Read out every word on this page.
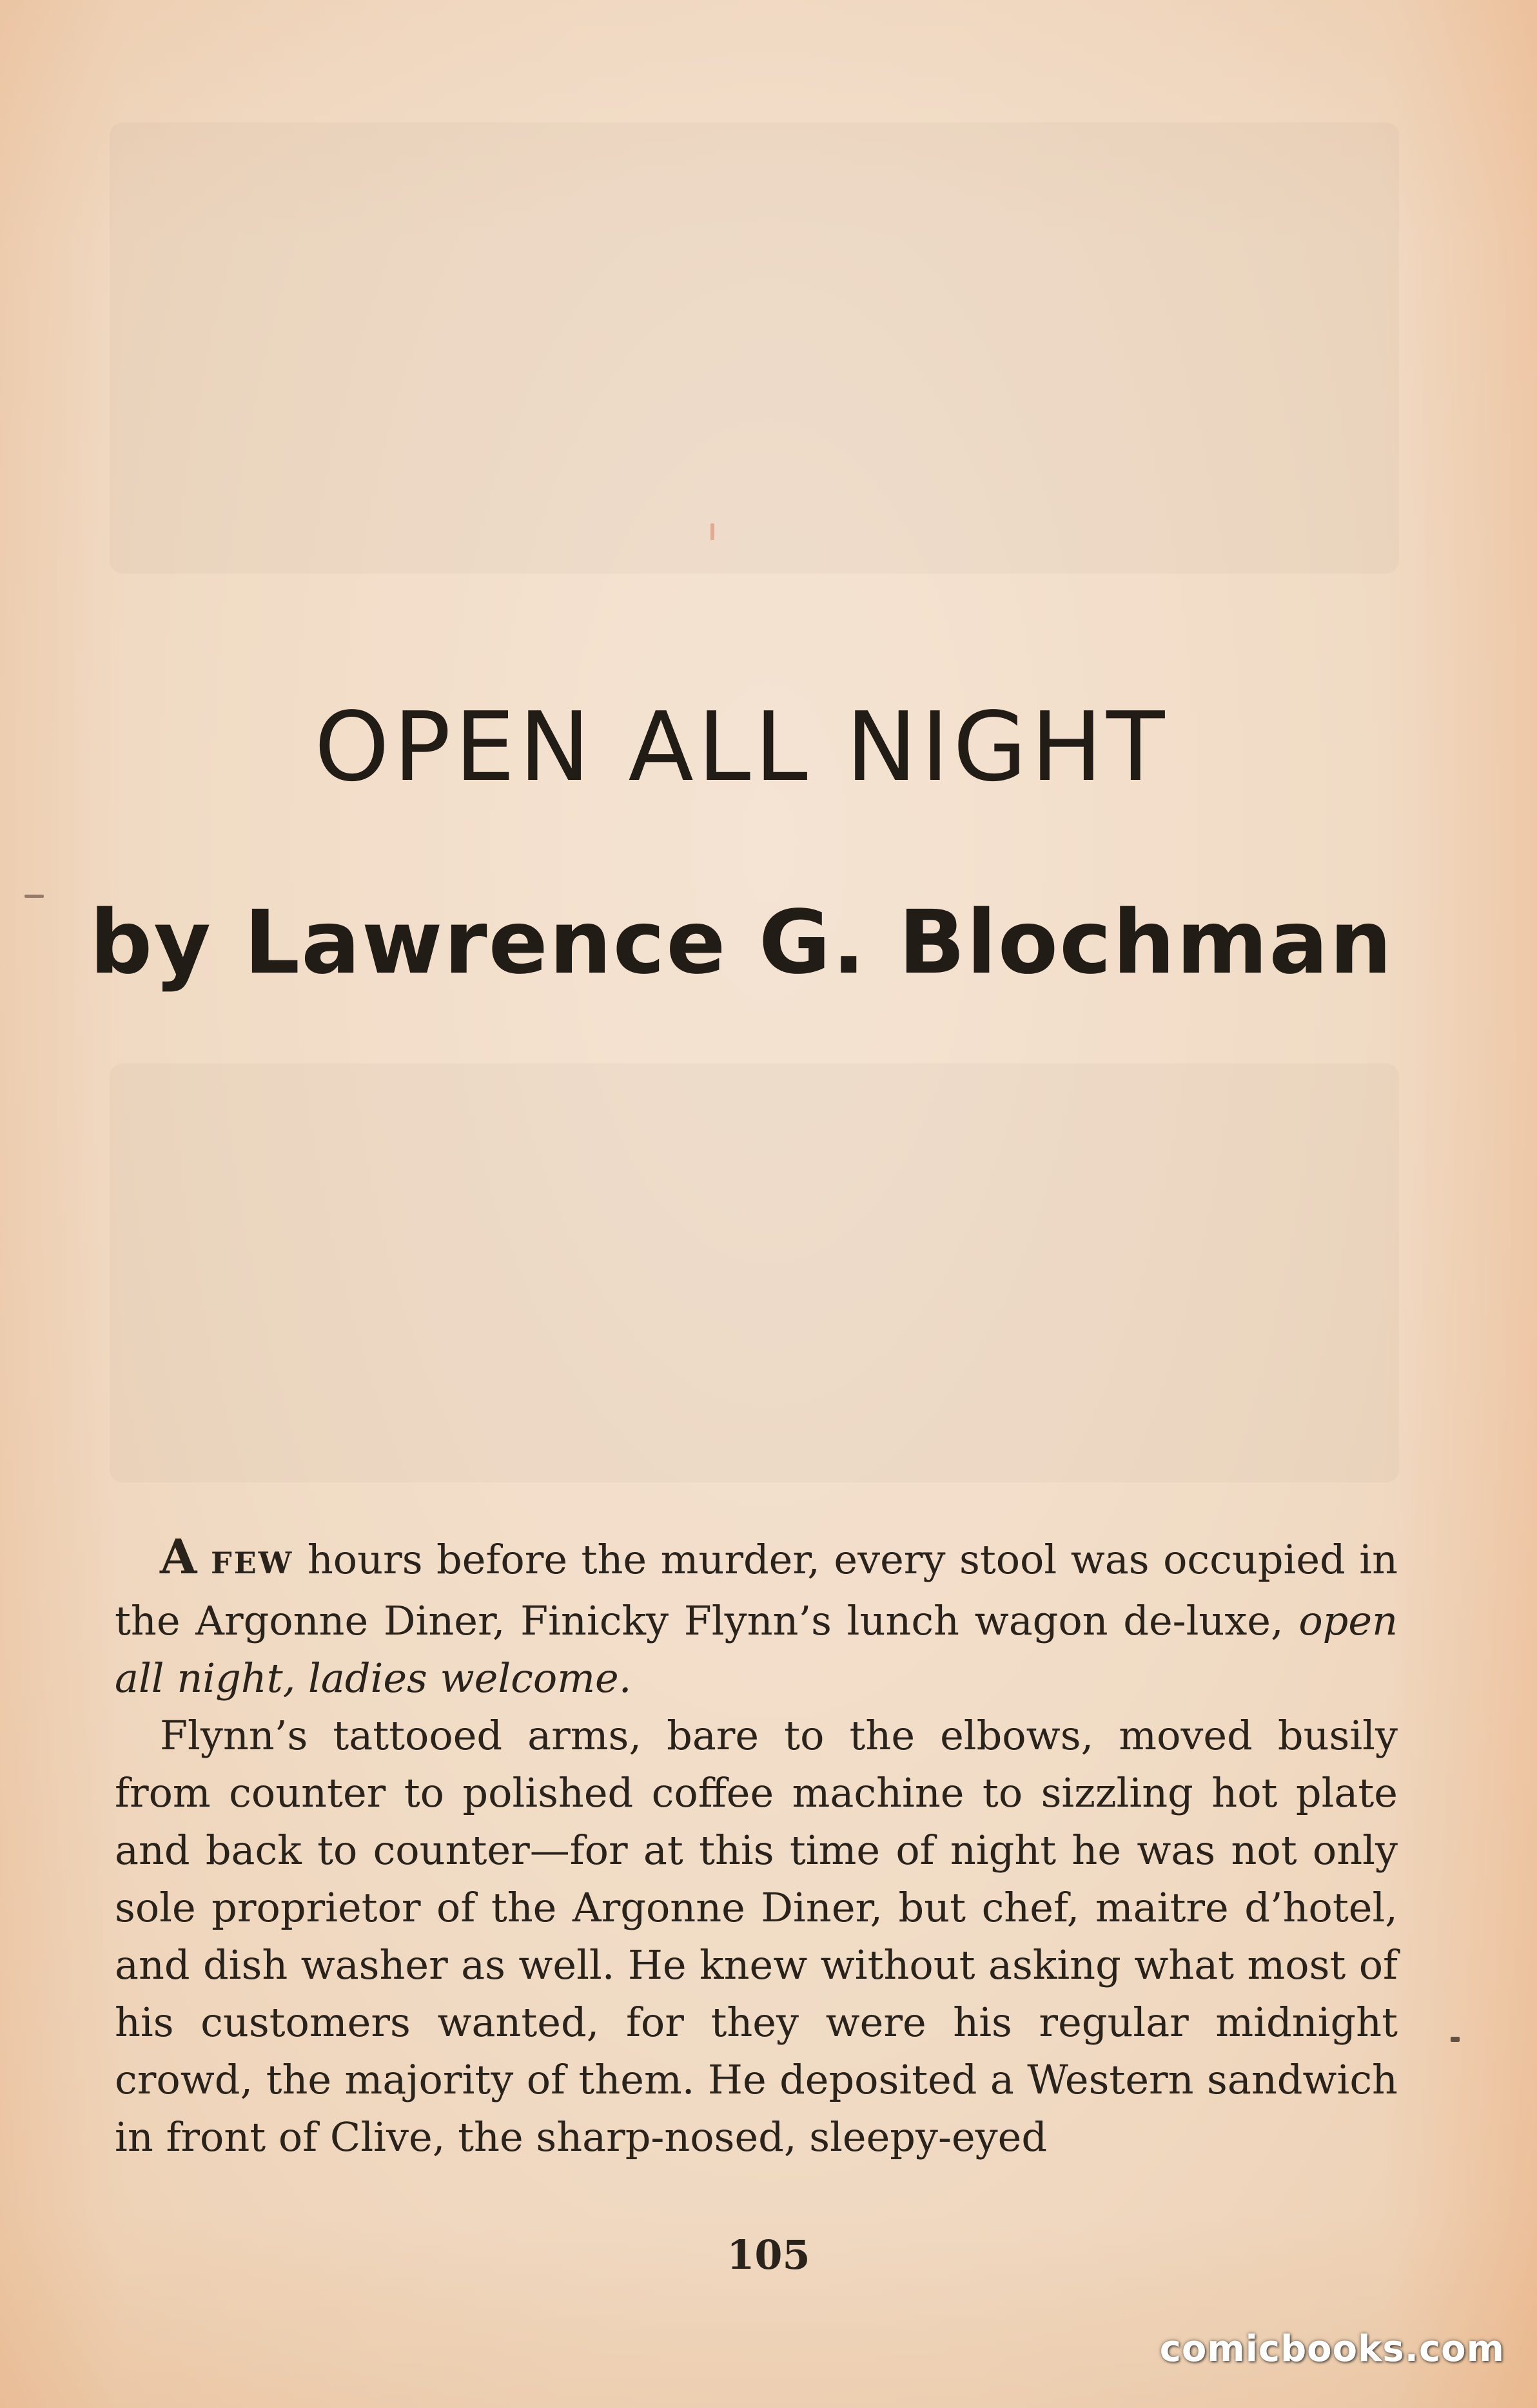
OPEN ALL NIGHT
by Lawrence G. Blochman

A FEW hours before the murder, every stool was occupied in the Argonne Diner, Finicky Flynn’s lunch wagon de-luxe, open all night, ladies welcome.

Flynn’s tattooed arms, bare to the elbows, moved busily from counter to polished coffee machine to sizzling hot plate and back to counter—for at this time of night he was not only sole proprietor of the Argonne Diner, but chef, maitre d’hotel, and dish washer as well. He knew without asking what most of his customers wanted, for they were his regular midnight crowd, the majority of them. He deposited a Western sandwich in front of Clive, the sharp-nosed, sleepy-eyed

105
comicbooks.com
